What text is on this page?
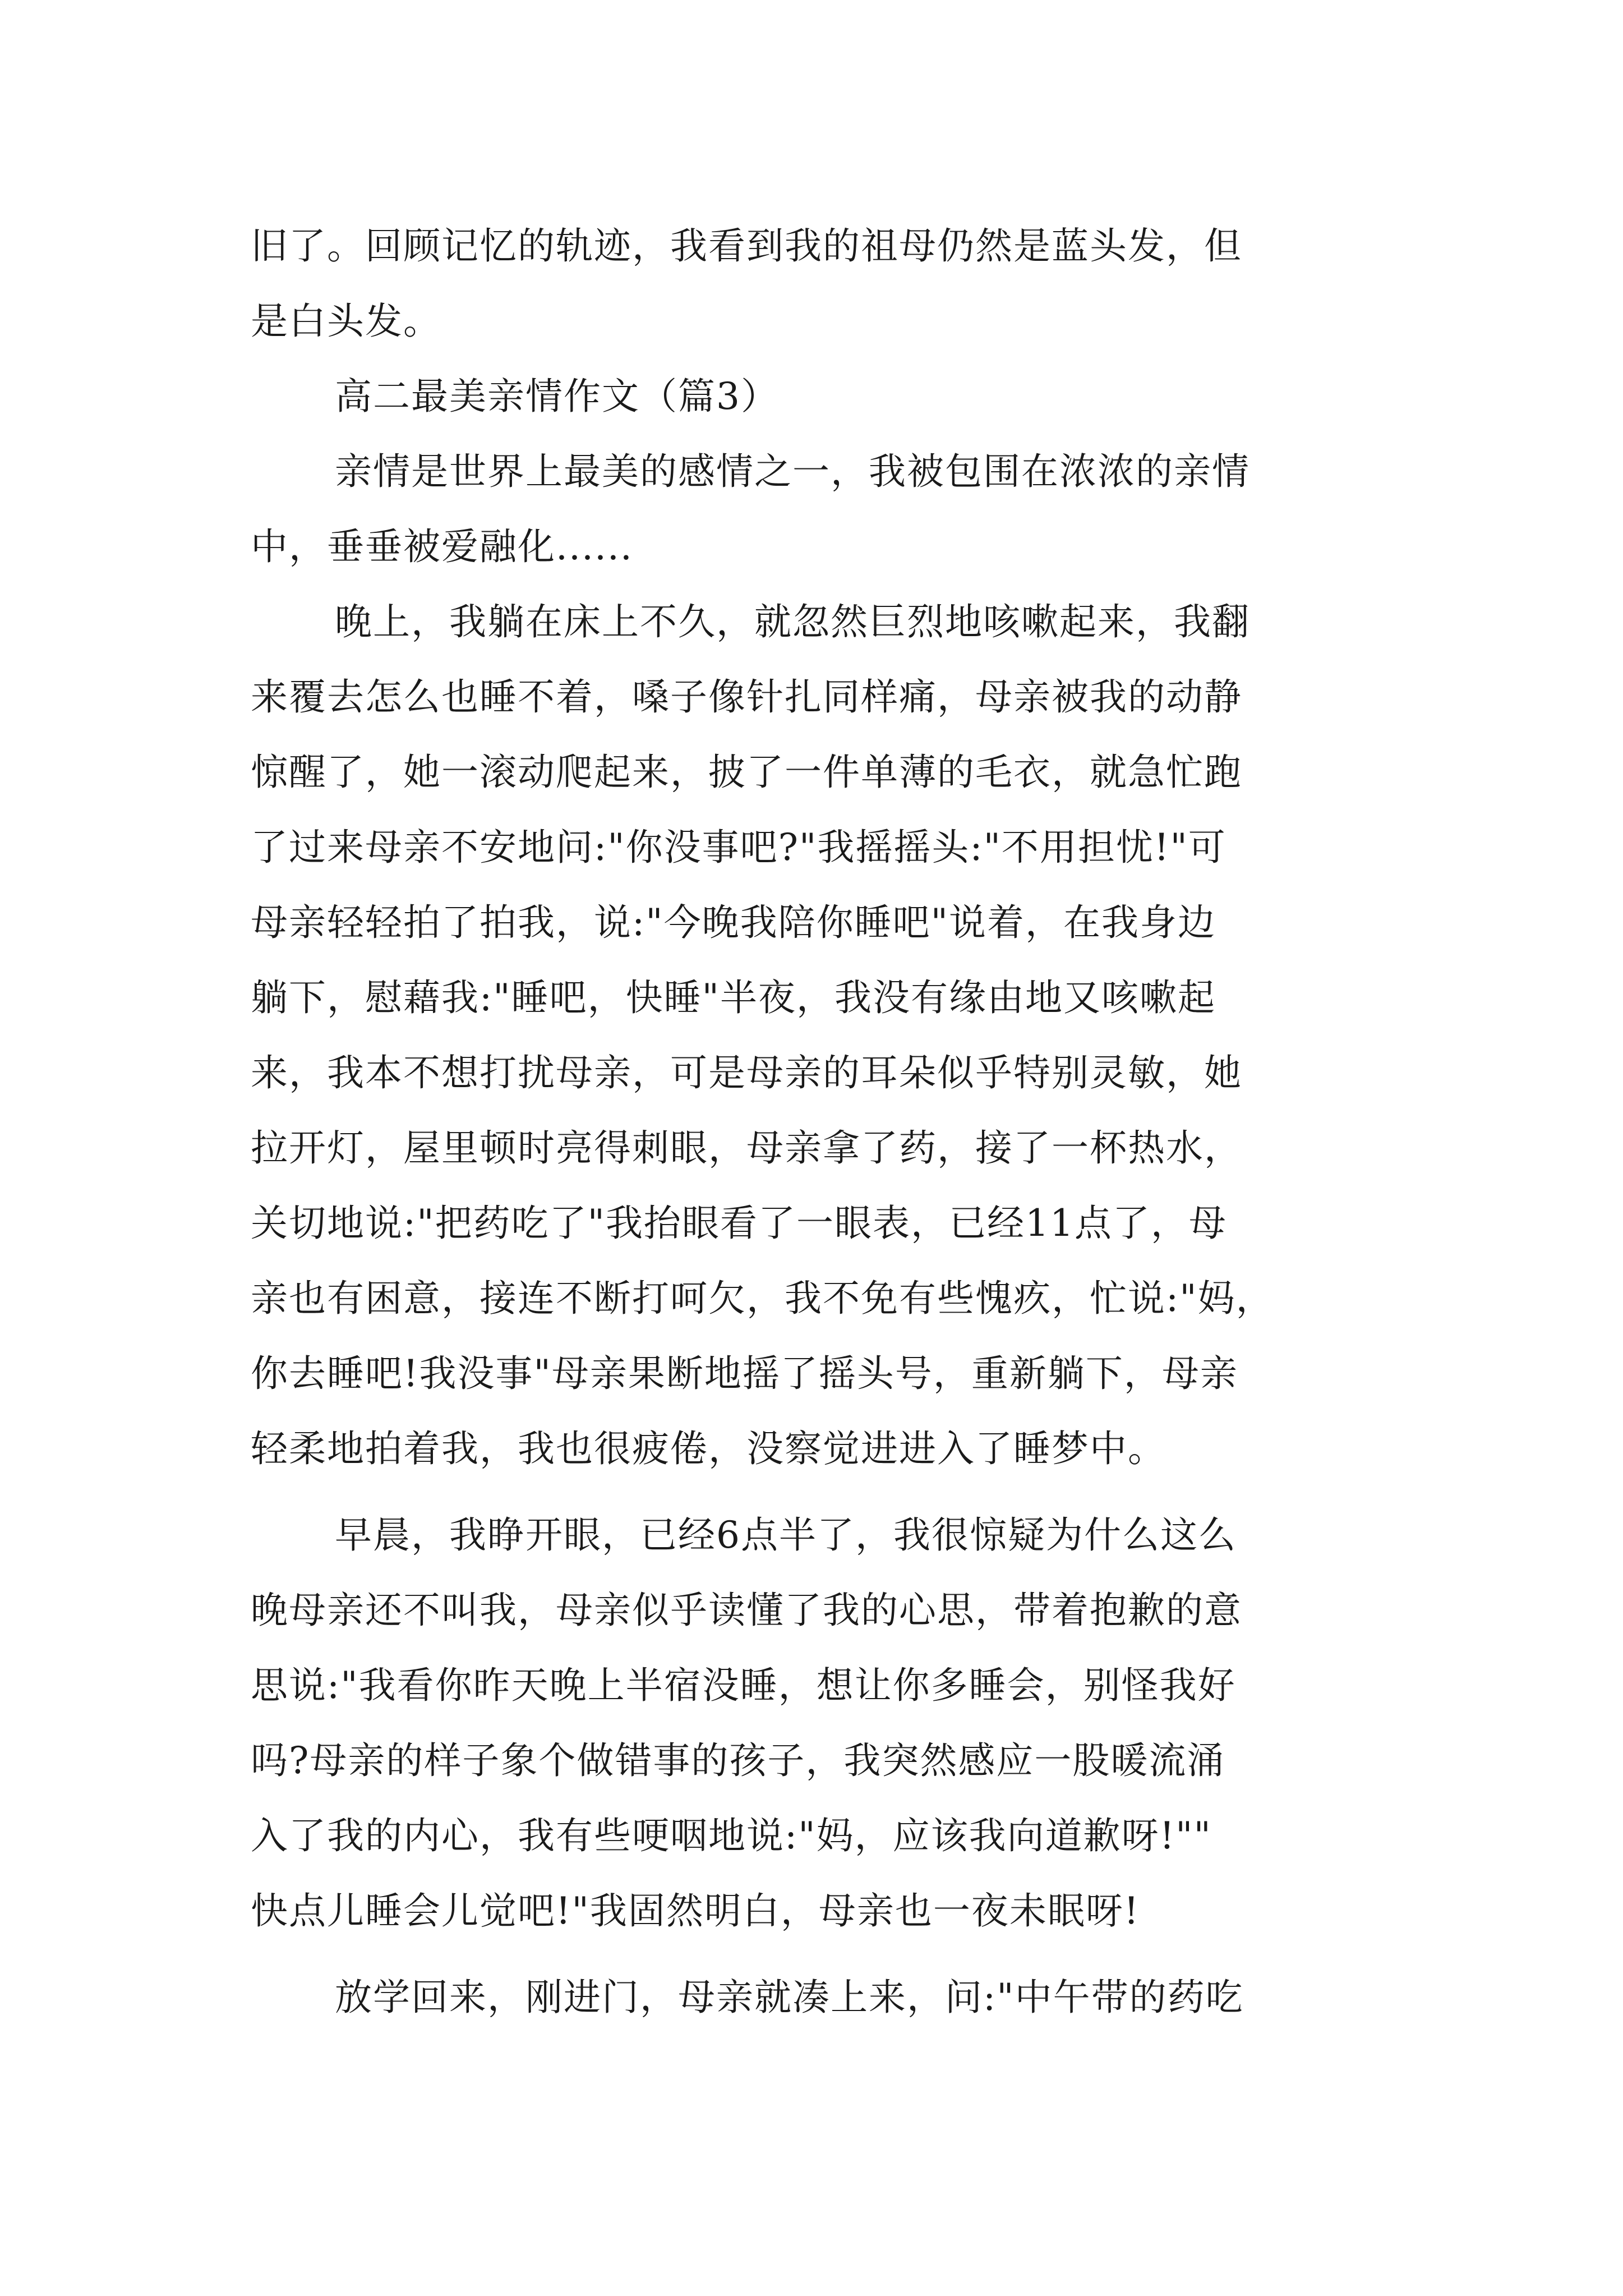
旧了。回顾记忆的轨迹，我看到我的祖母仍然是蓝头发，但
是白头发。
高二最美亲情作文（篇3）
亲情是世界上最美的感情之一，我被包围在浓浓的亲情
中，垂垂被爱融化......
晚上，我躺在床上不久，就忽然巨烈地咳嗽起来，我翻
来覆去怎么也睡不着，嗓子像针扎同样痛，母亲被我的动静
惊醒了，她一滚动爬起来，披了一件单薄的毛衣，就急忙跑
了过来母亲不安地问:"你没事吧?"我摇摇头:"不用担忧!"可
母亲轻轻拍了拍我，说:"今晚我陪你睡吧"说着，在我身边
躺下，慰藉我:"睡吧，快睡"半夜，我没有缘由地又咳嗽起
来，我本不想打扰母亲，可是母亲的耳朵似乎特别灵敏，她
拉开灯，屋里顿时亮得刺眼，母亲拿了药，接了一杯热水，
关切地说:"把药吃了"我抬眼看了一眼表，已经11点了，母
亲也有困意，接连不断打呵欠，我不免有些愧疚，忙说:"妈，
你去睡吧!我没事"母亲果断地摇了摇头号，重新躺下，母亲
轻柔地拍着我，我也很疲倦，没察觉进进入了睡梦中。
早晨，我睁开眼，已经6点半了，我很惊疑为什么这么
晚母亲还不叫我，母亲似乎读懂了我的心思，带着抱歉的意
思说:"我看你昨天晚上半宿没睡，想让你多睡会，别怪我好
吗?母亲的样子象个做错事的孩子，我突然感应一股暖流涌
入了我的内心，我有些哽咽地说:"妈，应该我向道歉呀!""
快点儿睡会儿觉吧!"我固然明白，母亲也一夜未眠呀!
放学回来，刚进门，母亲就凑上来，问:"中午带的药吃
